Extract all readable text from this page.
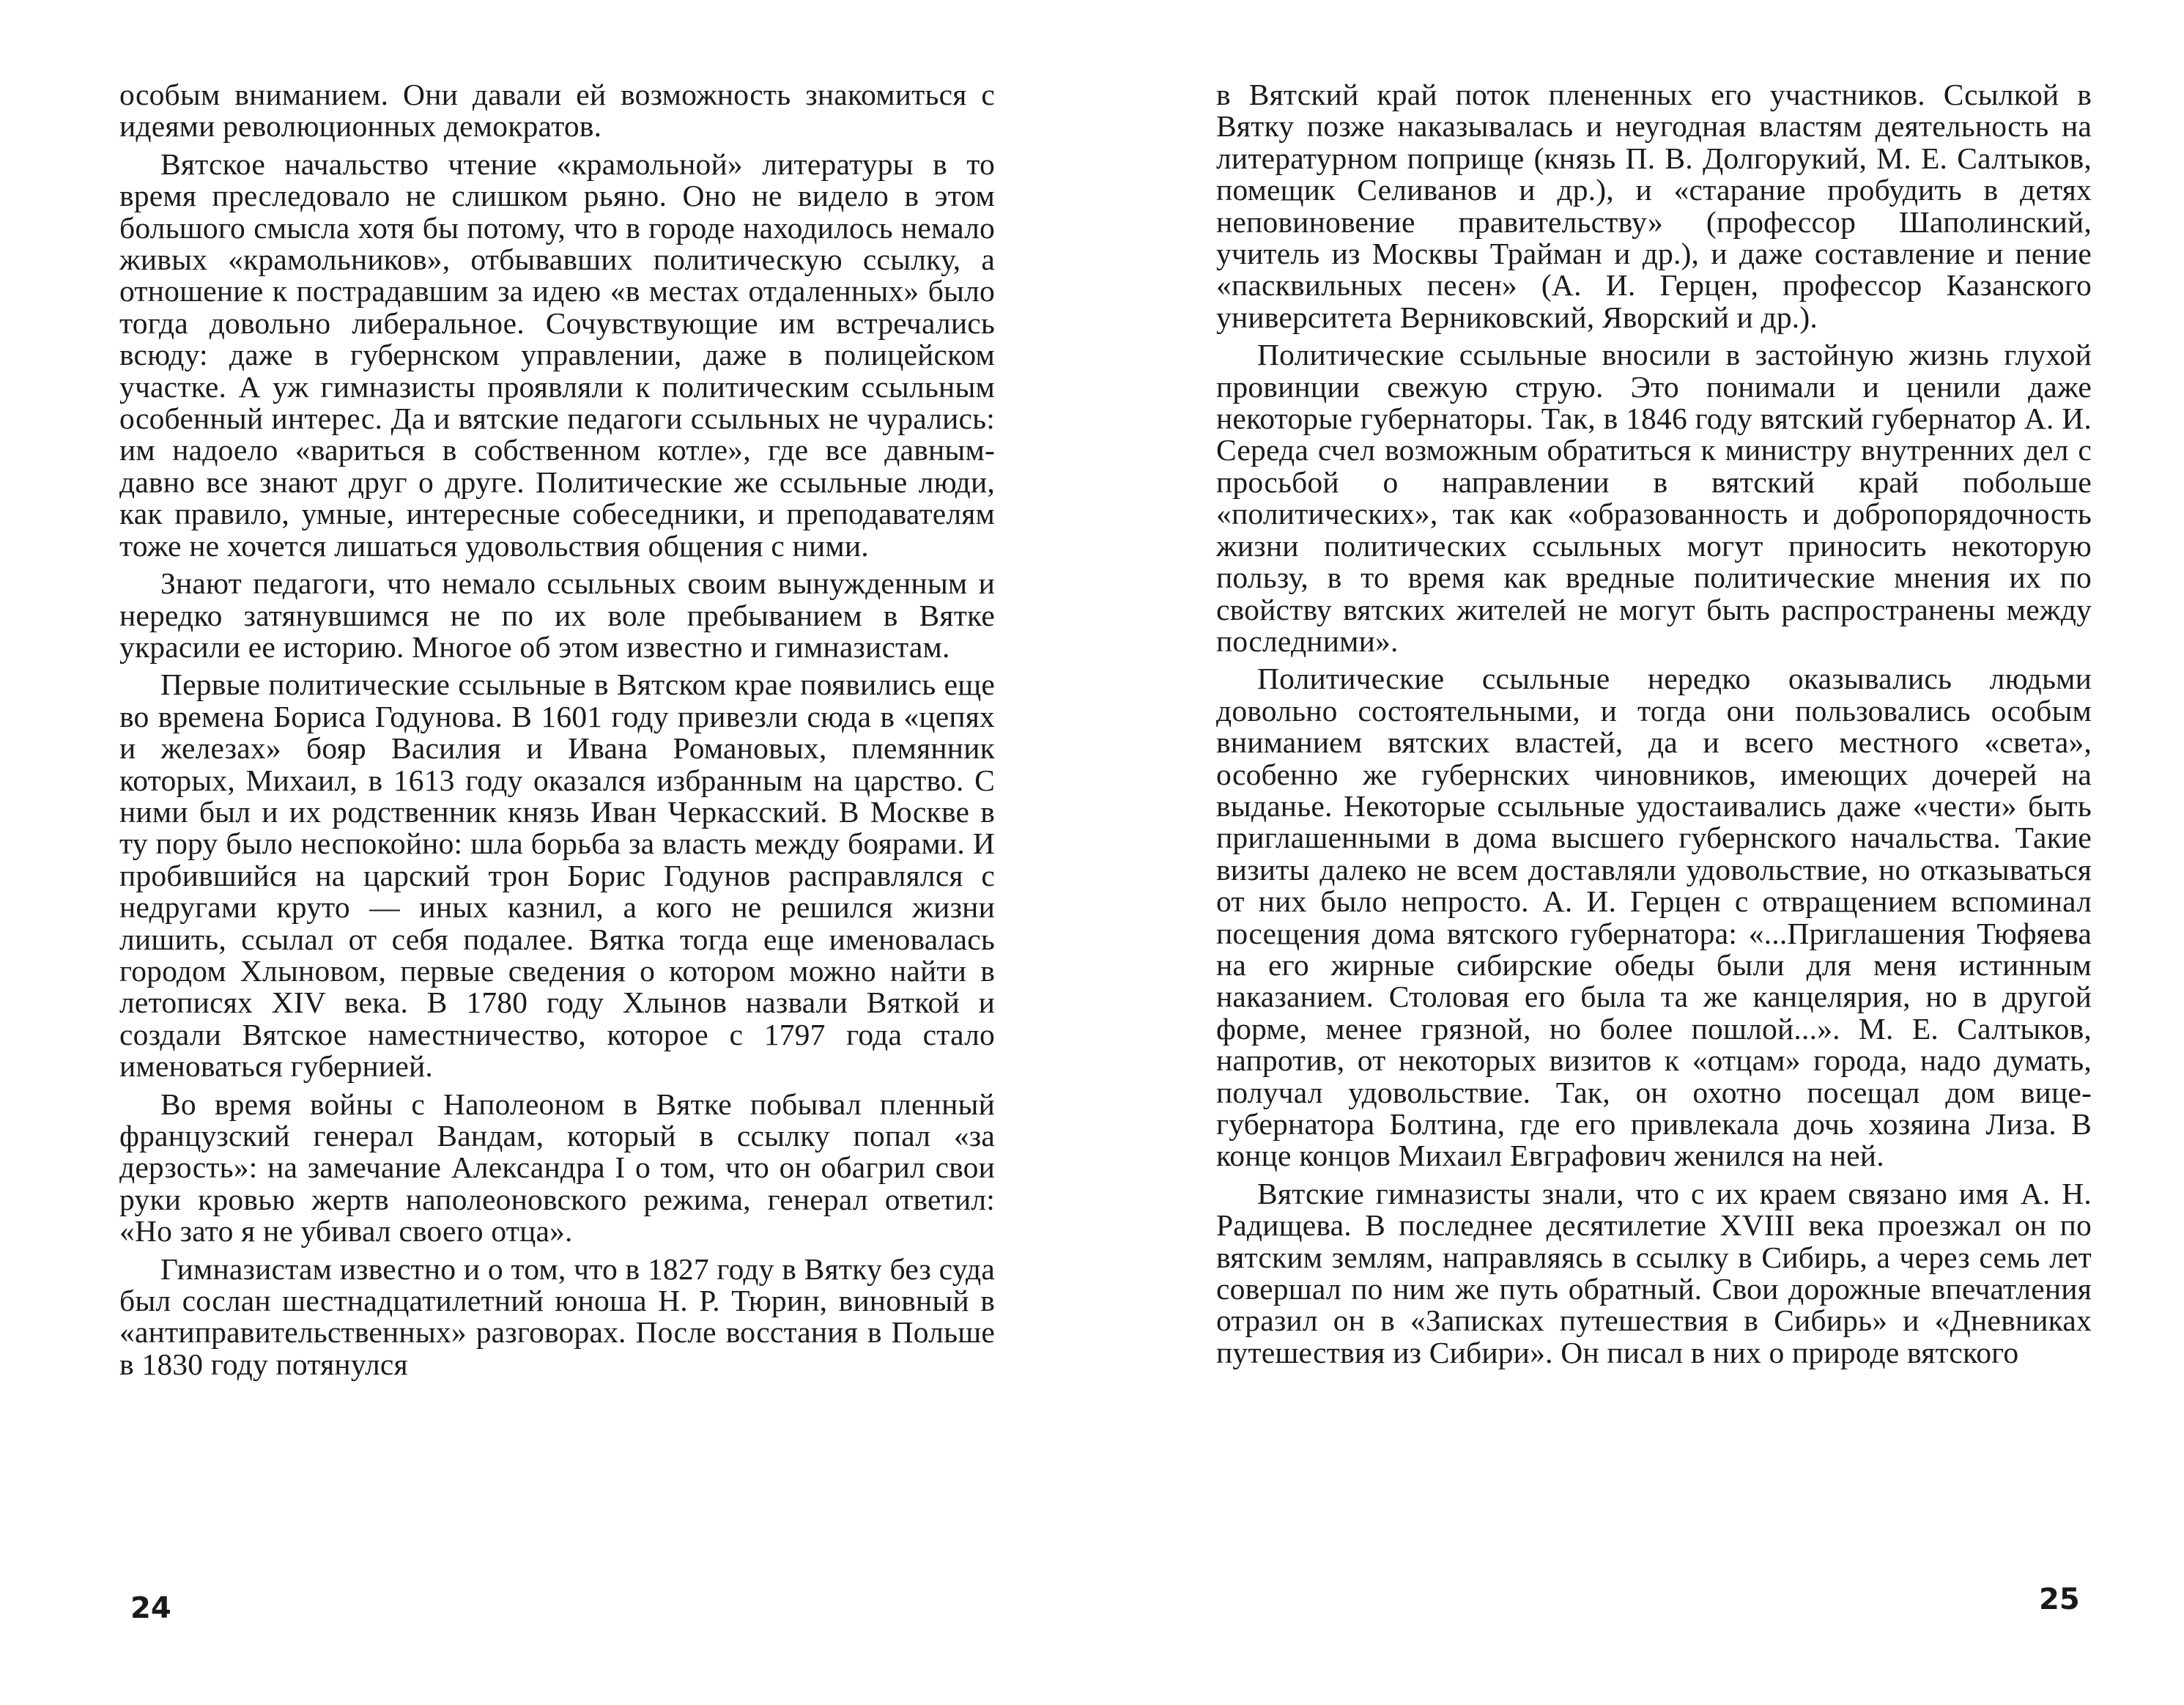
особым вниманием. Они давали ей возможность знакомиться с идеями революционных демократов.

Вятское начальство чтение «крамольной» литературы в то время преследовало не слишком рьяно. Оно не видело в этом большого смысла хотя бы потому, что в городе находилось немало живых «крамольников», отбывавших политическую ссылку, а отношение к пострадавшим за идею «в местах отдаленных» было тогда довольно либеральное. Сочувствующие им встречались всюду: даже в губернском управлении, даже в полицейском участке. А уж гимназисты проявляли к политическим ссыльным особенный интерес. Да и вятские педагоги ссыльных не чурались: им надоело «вариться в собственном котле», где все давным-давно все знают друг о друге. Политические же ссыльные люди, как правило, умные, интересные собеседники, и преподавателям тоже не хочется лишаться удовольствия общения с ними.

Знают педагоги, что немало ссыльных своим вынужденным и нередко затянувшимся не по их воле пребыванием в Вятке украсили ее историю. Многое об этом известно и гимназистам.

Первые политические ссыльные в Вятском крае появились еще во времена Бориса Годунова. В 1601 году привезли сюда в «цепях и железах» бояр Василия и Ивана Романовых, племянник которых, Михаил, в 1613 году оказался избранным на царство. С ними был и их родственник князь Иван Черкасский. В Москве в ту пору было неспокойно: шла борьба за власть между боярами. И пробившийся на царский трон Борис Годунов расправлялся с недругами круто — иных казнил, а кого не решился жизни лишить, ссылал от себя подалее. Вятка тогда еще именовалась городом Хлыновом, первые сведения о котором можно найти в летописях XIV века. В 1780 году Хлынов назвали Вяткой и создали Вятское наместничество, которое с 1797 года стало именоваться губернией.

Во время войны с Наполеоном в Вятке побывал пленный французский генерал Вандам, который в ссылку попал «за дерзость»: на замечание Александра I о том, что он обагрил свои руки кровью жертв наполеоновского режима, генерал ответил: «Но зато я не убивал своего отца».

Гимназистам известно и о том, что в 1827 году в Вятку без суда был сослан шестнадцатилетний юноша Н. Р. Тюрин, виновный в «антиправительственных» разговорах. После восстания в Польше в 1830 году потянулся

в Вятский край поток плененных его участников. Ссылкой в Вятку позже наказывалась и неугодная властям деятельность на литературном поприще (князь П. В. Долгорукий, М. Е. Салтыков, помещик Селиванов и др.), и «старание пробудить в детях неповиновение правительству» (профессор Шаполинский, учитель из Москвы Трайман и др.), и даже составление и пение «пасквильных песен» (А. И. Герцен, профессор Казанского университета Верниковский, Яворский и др.).

Политические ссыльные вносили в застойную жизнь глухой провинции свежую струю. Это понимали и ценили даже некоторые губернаторы. Так, в 1846 году вятский губернатор А. И. Середа счел возможным обратиться к министру внутренних дел с просьбой о направлении в вятский край побольше «политических», так как «образованность и добропорядочность жизни политических ссыльных могут приносить некоторую пользу, в то время как вредные политические мнения их по свойству вятских жителей не могут быть распространены между последними».

Политические ссыльные нередко оказывались людьми довольно состоятельными, и тогда они пользовались особым вниманием вятских властей, да и всего местного «света», особенно же губернских чиновников, имеющих дочерей на выданье. Некоторые ссыльные удостаивались даже «чести» быть приглашенными в дома высшего губернского начальства. Такие визиты далеко не всем доставляли удовольствие, но отказываться от них было непросто. А. И. Герцен с отвращением вспоминал посещения дома вятского губернатора: «...Приглашения Тюфяева на его жирные сибирские обеды были для меня истинным наказанием. Столовая его была та же канцелярия, но в другой форме, менее грязной, но более пошлой...». М. Е. Салтыков, напротив, от некоторых визитов к «отцам» города, надо думать, получал удовольствие. Так, он охотно посещал дом вице-губернатора Болтина, где его привлекала дочь хозяина Лиза. В конце концов Михаил Евграфович женился на ней.

Вятские гимназисты знали, что с их краем связано имя А. Н. Радищева. В последнее десятилетие XVIII века проезжал он по вятским землям, направляясь в ссылку в Сибирь, а через семь лет совершал по ним же путь обратный. Свои дорожные впечатления отразил он в «Записках путешествия в Сибирь» и «Дневниках путешествия из Сибири». Он писал в них о природе вятского

24	25
